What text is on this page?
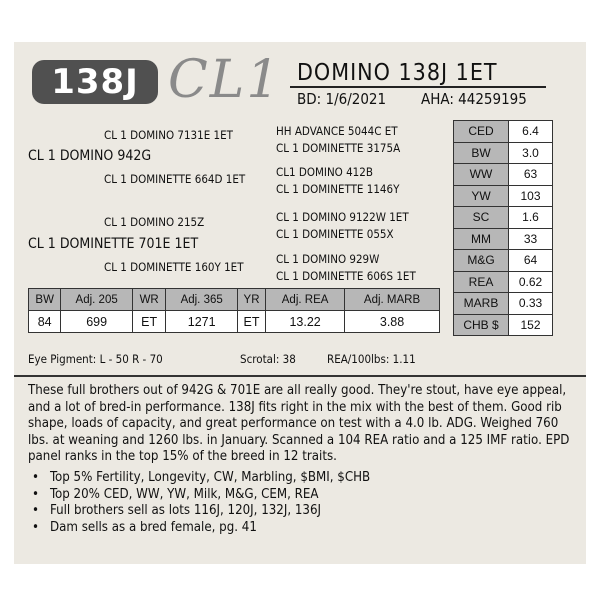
138J CL1 DOMINO 138J 1ET
BD: 1/6/2021 AHA: 44259195
CL 1 DOMINO 7131E 1ET
CL 1 DOMINO 942G
CL 1 DOMINETTE 664D 1ET
CL 1 DOMINO 215Z
CL 1 DOMINETTE 701E 1ET
CL 1 DOMINETTE 160Y 1ET
HH ADVANCE 5044C ET
CL 1 DOMINETTE 3175A
CL1 DOMINO 412B
CL 1 DOMINETTE 1146Y
CL 1 DOMINO 9122W 1ET
CL 1 DOMINETTE 055X
CL 1 DOMINO 929W
CL 1 DOMINETTE 606S 1ET
BW	Adj. 205	WR	Adj. 365	YR	Adj. REA	Adj. MARB
84	699	ET	1271	ET	13.22	3.88
CED	6.4
BW	3.0
WW	63
YW	103
SC	1.6
MM	33
M&G	64
REA	0.62
MARB	0.33
CHB $	152
Eye Pigment: L - 50 R - 70	Scrotal: 38	REA/100lbs: 1.11

These full brothers out of 942G & 701E are all really good. They're stout, have eye appeal, and a lot of bred-in performance. 138J fits right in the mix with the best of them. Good rib shape, loads of capacity, and great performance on test with a 4.0 lb. ADG. Weighed 760 lbs. at weaning and 1260 lbs. in January. Scanned a 104 REA ratio and a 125 IMF ratio. EPD panel ranks in the top 15% of the breed in 12 traits.

• Top 5% Fertility, Longevity, CW, Marbling, $BMI, $CHB
• Top 20% CED, WW, YW, Milk, M&G, CEM, REA
• Full brothers sell as lots 116J, 120J, 132J, 136J
• Dam sells as a bred female, pg. 41
